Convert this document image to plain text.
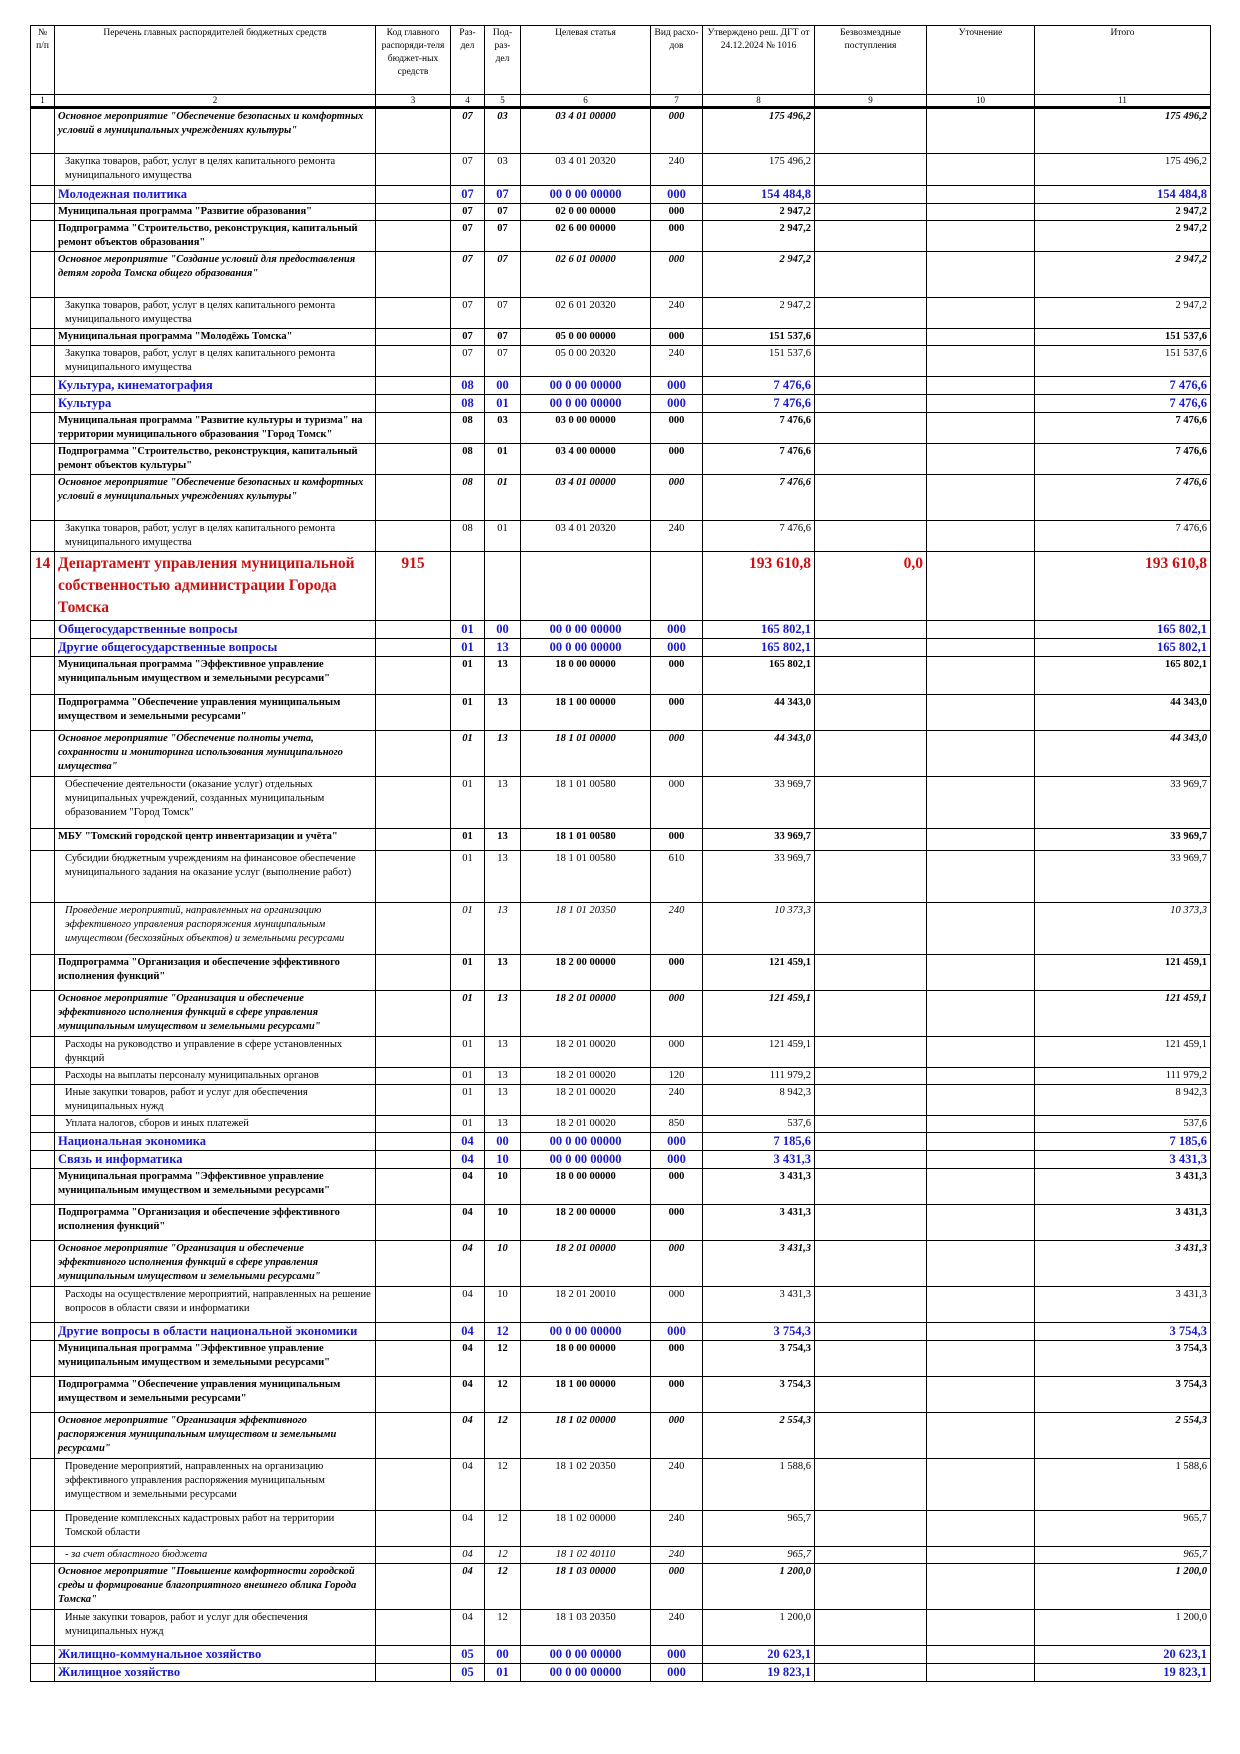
№ п/п	Перечень главных распорядителей бюджетных средств	Код главного распоряди-теля бюджет-ных средств	Раз-дел	Под-раз-дел	Целевая статья	Вид расхо-дов	Утверждено реш. ДГТ от 24.12.2024 № 1016	Безвозмездные поступления	Уточнение	Итого
1	2	3	4	5	6	7	8	9	10	11
	Основное мероприятие "Обеспечение безопасных и комфортных условий в муниципальных учреждениях культуры"		07	03	03 4 01 00000	000	175 496,2			175 496,2
	Закупка товаров, работ, услуг в целях капитального ремонта муниципального имущества		07	03	03 4 01 20320	240	175 496,2			175 496,2
	Молодежная политика		07	07	00 0 00 00000	000	154 484,8			154 484,8
	Муниципальная программа "Развитие образования"		07	07	02 0 00 00000	000	2 947,2			2 947,2
	Подпрограмма "Строительство, реконструкция, капитальный ремонт объектов образования"		07	07	02 6 00 00000	000	2 947,2			2 947,2
	Основное мероприятие "Создание условий для предоставления детям города Томска общего образования"		07	07	02 6 01 00000	000	2 947,2			2 947,2
	Закупка товаров, работ, услуг в целях капитального ремонта муниципального имущества		07	07	02 6 01 20320	240	2 947,2			2 947,2
	Муниципальная программа "Молодёжь Томска"		07	07	05 0 00 00000	000	151 537,6			151 537,6
	Закупка товаров, работ, услуг в целях капитального ремонта муниципального имущества		07	07	05 0 00 20320	240	151 537,6			151 537,6
	Культура, кинематография		08	00	00 0 00 00000	000	7 476,6			7 476,6
	Культура		08	01	00 0 00 00000	000	7 476,6			7 476,6
	Муниципальная программа "Развитие культуры и туризма" на территории муниципального образования "Город Томск"		08	03	03 0 00 00000	000	7 476,6			7 476,6
	Подпрограмма "Строительство, реконструкция, капитальный ремонт объектов культуры"		08	01	03 4 00 00000	000	7 476,6			7 476,6
	Основное мероприятие "Обеспечение безопасных и комфортных условий в муниципальных учреждениях культуры"		08	01	03 4 01 00000	000	7 476,6			7 476,6
	Закупка товаров, работ, услуг в целях капитального ремонта муниципального имущества		08	01	03 4 01 20320	240	7 476,6			7 476,6
14	Департамент управления муниципальной собственностью администрации Города Томска	915					193 610,8	0,0		193 610,8
	Общегосударственные вопросы		01	00	00 0 00 00000	000	165 802,1			165 802,1
	Другие общегосударственные вопросы		01	13	00 0 00 00000	000	165 802,1			165 802,1
	Муниципальная программа "Эффективное управление муниципальным имуществом и земельными ресурсами"		01	13	18 0 00 00000	000	165 802,1			165 802,1
	Подпрограмма "Обеспечение управления муниципальным имуществом и земельными ресурсами"		01	13	18 1 00 00000	000	44 343,0			44 343,0
	Основное мероприятие "Обеспечение полноты учета, сохранности и мониторинга использования муниципального имущества"		01	13	18 1 01 00000	000	44 343,0			44 343,0
	Обеспечение деятельности (оказание услуг) отдельных муниципальных учреждений, созданных муниципальным образованием "Город Томск"		01	13	18 1 01 00580	000	33 969,7			33 969,7
	МБУ "Томский городской центр инвентаризации и учёта"		01	13	18 1 01 00580	000	33 969,7			33 969,7
	Субсидии бюджетным учреждениям на финансовое обеспечение муниципального задания на оказание услуг (выполнение работ)		01	13	18 1 01 00580	610	33 969,7			33 969,7
	Проведение мероприятий, направленных на организацию эффективного управления распоряжения муниципальным имуществом (бесхозяйных объектов) и земельными ресурсами		01	13	18 1 01 20350	240	10 373,3			10 373,3
	Подпрограмма "Организация и обеспечение эффективного исполнения функций"		01	13	18 2 00 00000	000	121 459,1			121 459,1
	Основное мероприятие "Организация и обеспечение эффективного исполнения функций в сфере управления муниципальным имуществом и земельными ресурсами"		01	13	18 2 01 00000	000	121 459,1			121 459,1
	Расходы на руководство и управление в сфере установленных функций		01	13	18 2 01 00020	000	121 459,1			121 459,1
	Расходы на выплаты персоналу муниципальных органов		01	13	18 2 01 00020	120	111 979,2			111 979,2
	Иные закупки товаров, работ и услуг для обеспечения муниципальных нужд		01	13	18 2 01 00020	240	8 942,3			8 942,3
	Уплата налогов, сборов и иных платежей		01	13	18 2 01 00020	850	537,6			537,6
	Национальная экономика		04	00	00 0 00 00000	000	7 185,6			7 185,6
	Связь и информатика		04	10	00 0 00 00000	000	3 431,3			3 431,3
	Муниципальная программа "Эффективное управление муниципальным имуществом и земельными ресурсами"		04	10	18 0 00 00000	000	3 431,3			3 431,3
	Подпрограмма "Организация и обеспечение эффективного исполнения функций"		04	10	18 2 00 00000	000	3 431,3			3 431,3
	Основное мероприятие "Организация и обеспечение эффективного исполнения функций в сфере управления муниципальным имуществом и земельными ресурсами"		04	10	18 2 01 00000	000	3 431,3			3 431,3
	Расходы на осуществление мероприятий, направленных на решение вопросов в области связи и информатики		04	10	18 2 01 20010	000	3 431,3			3 431,3
	Другие вопросы в области национальной экономики		04	12	00 0 00 00000	000	3 754,3			3 754,3
	Муниципальная программа "Эффективное управление муниципальным имуществом и земельными ресурсами"		04	12	18 0 00 00000	000	3 754,3			3 754,3
	Подпрограмма "Обеспечение управления муниципальным имуществом и земельными ресурсами"		04	12	18 1 00 00000	000	3 754,3			3 754,3
	Основное мероприятие "Организация эффективного распоряжения муниципальным имуществом и земельными ресурсами"		04	12	18 1 02 00000	000	2 554,3			2 554,3
	Проведение мероприятий, направленных на организацию эффективного управления распоряжения муниципальным имуществом и земельными ресурсами		04	12	18 1 02 20350	240	1 588,6			1 588,6
	Проведение комплексных кадастровых работ на территории Томской области		04	12	18 1 02 00000	240	965,7			965,7
	- за счет областного бюджета		04	12	18 1 02 40110	240	965,7			965,7
	Основное мероприятие "Повышение комфортности городской среды и формирование благоприятного внешнего облика Города Томска"		04	12	18 1 03 00000	000	1 200,0			1 200,0
	Иные закупки товаров, работ и услуг для обеспечения муниципальных нужд		04	12	18 1 03 20350	240	1 200,0			1 200,0
	Жилищно-коммунальное хозяйство		05	00	00 0 00 00000	000	20 623,1			20 623,1
	Жилищное хозяйство		05	01	00 0 00 00000	000	19 823,1			19 823,1
